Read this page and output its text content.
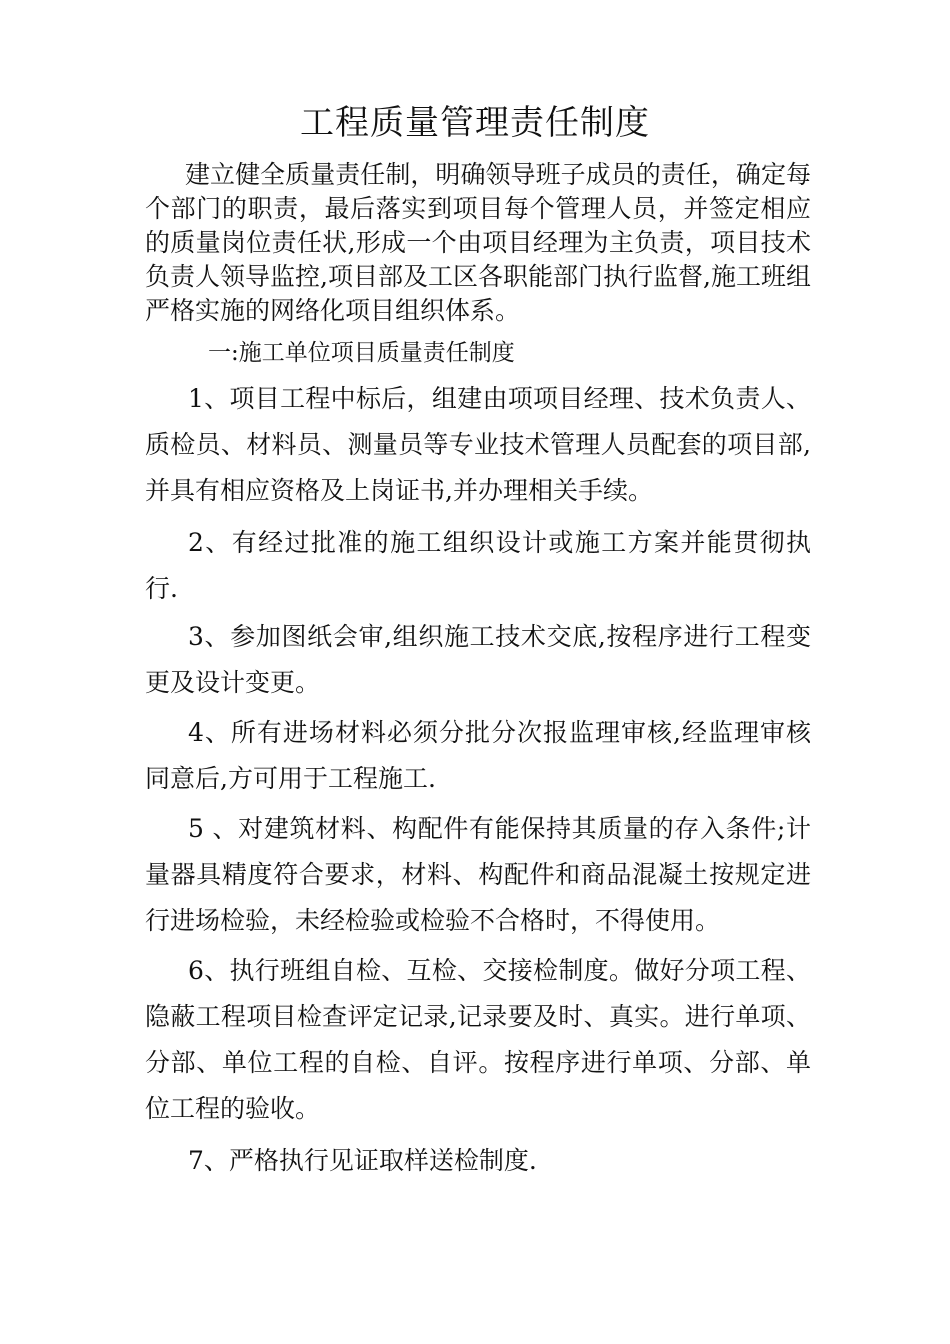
工程质量管理责任制度
建立健全质量责任制，明确领导班子成员的责任，确定每个部门的职责，最后落实到项目每个管理人员，并签定相应的质量岗位责任状,形成一个由项目经理为主负责，项目技术负责人领导监控,项目部及工区各职能部门执行监督,施工班组严格实施的网络化项目组织体系。
一:施工单位项目质量责任制度
1、项目工程中标后，组建由项项目经理、技术负责人、质检员、材料员、测量员等专业技术管理人员配套的项目部,并具有相应资格及上岗证书,并办理相关手续。
2、有经过批准的施工组织设计或施工方案并能贯彻执行.
3、参加图纸会审,组织施工技术交底,按程序进行工程变更及设计变更。
4、所有进场材料必须分批分次报监理审核,经监理审核同意后,方可用于工程施工.
5 、对建筑材料、构配件有能保持其质量的存入条件;计量器具精度符合要求，材料、构配件和商品混凝土按规定进行进场检验，未经检验或检验不合格时，不得使用。
6、执行班组自检、互检、交接检制度。做好分项工程、隐蔽工程项目检查评定记录,记录要及时、真实。进行单项、分部、单位工程的自检、自评。按程序进行单项、分部、单位工程的验收。
7、严格执行见证取样送检制度.
